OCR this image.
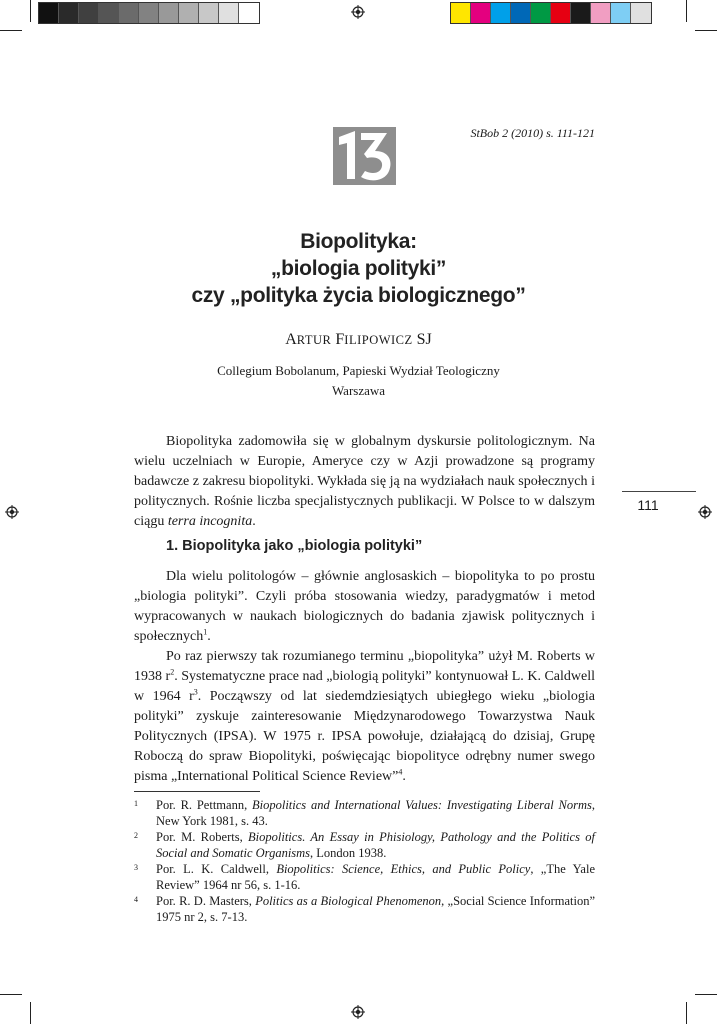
StBob 2 (2010) s. 111-121
Biopolityka:
„biologia polityki”
czy „polityka życia biologicznego”
ARTUR FILIPOWICZ SJ
Collegium Bobolanum, Papieski Wydział Teologiczny
Warszawa

Biopolityka zadomowiła się w globalnym dyskursie politologicznym. Na wielu uczelniach w Europie, Ameryce czy w Azji prowadzone są programy badawcze z zakresu biopolityki. Wykłada się ją na wydziałach nauk społecznych i politycznych. Rośnie liczba specjalistycznych publikacji. W Polsce to w dalszym ciągu terra incognita.

1. Biopolityka jako „biologia polityki”

Dla wielu politologów – głównie anglosaskich – biopolityka to po prostu „biologia polityki”. Czyli próba stosowania wiedzy, paradygmatów i metod wypracowanych w naukach biologicznych do badania zjawisk politycznych i społecznych$^1$.

Po raz pierwszy tak rozumianego terminu „biopolityka” użył M. Roberts w 1938 $r^2$. Systematyczne prace nad „biologią polityki” kontynuował L. K. Caldwell w 1964 $r^3$. Począwszy od lat siedemdziesiątych ubiegłego wieku „biologia polityki” zyskuje zainteresowanie Międzynarodowego Towarzystwa Nauk Politycznych (IPSA). W 1975 r. IPSA powołuje, działającą do dzisiaj, Grupę Roboczą do spraw Biopolityki, poświęcając biopolityce odrębny numer swego pisma „International Political Science Review”$^4$.

1 Por. R. Pettmann, Biopolitics and International Values: Investigating Liberal Norms, New York 1981, s. 43.
2 Por. M. Roberts, Biopolitics. An Essay in Phisiology, Pathology and the Politics of Social and Somatic Organisms, London 1938.
3 Por. L. K. Caldwell, Biopolitics: Science, Ethics, and Public Policy, „The Yale Review” 1964 nr 56, s. 1-16.
4 Por. R. D. Masters, Politics as a Biological Phenomenon, „Social Science Information” 1975 nr 2, s. 7-13.
111
